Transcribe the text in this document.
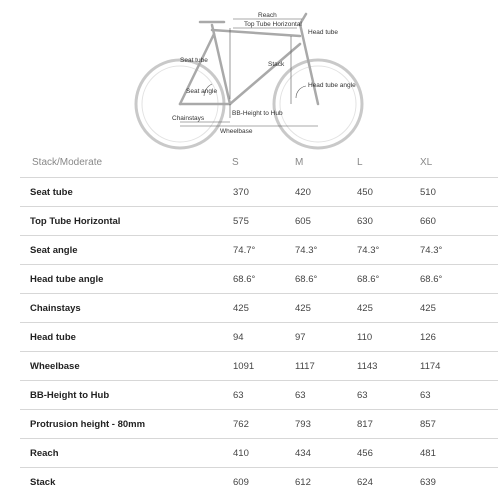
Reach
Top Tube Horizontal
Head tube
Seat tube
Stack
Head tube angle
Seat angle
BB-Height to Hub
Chainstays
Wheelbase
Stack/Moderate	S	M	L	XL
Seat tube	370	420	450	510
Top Tube Horizontal	575	605	630	660
Seat angle	74.7°	74.3°	74.3°	74.3°
Head tube angle	68.6°	68.6°	68.6°	68.6°
Chainstays	425	425	425	425
Head tube	94	97	110	126
Wheelbase	1091	1117	1143	1174
BB-Height to Hub	63	63	63	63
Protrusion height - 80mm	762	793	817	857
Reach	410	434	456	481
Stack	609	612	624	639
